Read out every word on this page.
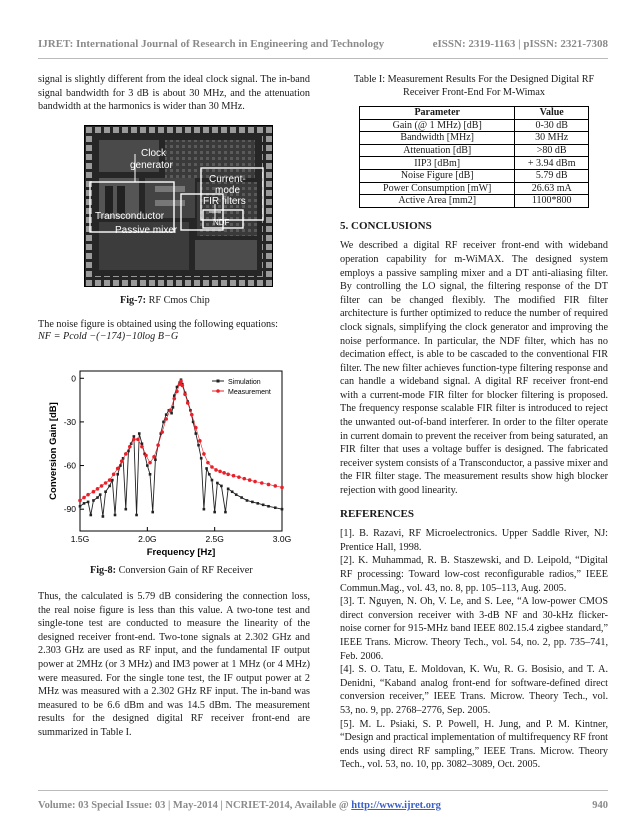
IJRET: International Journal of Research in Engineering and Technology	eISSN: 2319-1163 | pISSN: 2321-7308

signal is slightly different from the ideal clock signal. The in-band signal bandwidth for 3 dB is about 30 MHz, and the attenuation bandwidth at the harmonics is wider than 30 MHz.

Clock
generator
Current-
mode
FIR filters
Transconductor
NDF
Passive mixer
Fig-7: RF Cmos Chip

The noise figure is obtained using the following equations:

NF = Pcold −(−174)−10log B−G
1.5G	2.0G	2.5G	3.0G
0
-30
-60
-90
Frequency [Hz]
Conversion Gain [dB]
Simulation
Measurement
Fig-8: Conversion Gain of RF Receiver

Thus, the calculated is 5.79 dB considering the connection loss, the real noise figure is less than this value. A two-tone test and single-tone test are conducted to measure the linearity of the designed receiver front-end. Two-tone signals at 2.302 GHz and 2.303 GHz are used as RF input, and the fundamental IF output power at 2MHz (or 3 MHz) and IM3 power at 1 MHz (or 4 MHz) were measured. For the single tone test, the IF output power at 2 MHz was measured with a 2.302 GHz RF input. The in-band was measured to be 6.6 dBm and was 14.5 dBm. The measurement results for the designed digital RF receiver front-end are summarized in Table I.

Table I: Measurement Results For the Designed Digital RF Receiver Front-End For M-Wimax
Parameter	Value
Gain (@ 1 MHz) [dB]	0-30 dB
Bandwidth [MHz]	30 MHz
Attenuation [dB]	>80 dB
IIP3 [dBm]	+ 3.94 dBm
Noise Figure [dB]	5.79 dB
Power Consumption [mW]	26.63 mA
Active Area [mm2]	1100*800
5. CONCLUSIONS

We described a digital RF receiver front-end with wideband operation capability for m-WiMAX. The designed system employs a passive sampling mixer and a DT anti-aliasing filter. By controlling the LO signal, the filtering response of the DT filter can be changed flexibly. The modified FIR filter architecture is further optimized to reduce the number of required clock signals, simplifying the clock generator and improving the noise performance. In particular, the NDF filter, which has no decimation effect, is able to be cascaded to the conventional FIR filter. The new filter achieves function-type filtering response and can handle a wideband signal. A digital RF receiver front-end with a current-mode FIR filter for blocker filtering is proposed. The frequency response scalable FIR filter is introduced to reject the unwanted out-of-band interferer. In order to the filter operate in current domain to prevent the receiver from being saturated, an FIR filter that uses a voltage buffer is designed. The fabricated receiver system consists of a Transconductor, a passive mixer and the FIR filter stage. The measurement results show high blocker rejection with good linearity.

REFERENCES

[1]. B. Razavi, RF Microelectronics. Upper Saddle River, NJ: Prentice Hall, 1998.

[2]. K. Muhammad, R. B. Staszewski, and D. Leipold, “Digital RF processing: Toward low-cost reconfigurable radios,” IEEE Commun.Mag., vol. 43, no. 8, pp. 105–113, Aug. 2005.

[3]. T. Nguyen, N. Oh, V. Le, and S. Lee, “A low-power CMOS direct conversion receiver with 3-dB NF and 30-kHz flicker-noise corner for 915-MHz band IEEE 802.15.4 zigbee standard,” IEEE Trans. Microw. Theory Tech., vol. 54, no. 2, pp. 735–741, Feb. 2006.

[4]. S. O. Tatu, E. Moldovan, K. Wu, R. G. Bosisio, and T. A. Denidni, “Kaband analog front-end for software-defined direct conversion receiver,” IEEE Trans. Microw. Theory Tech., vol. 53, no. 9, pp. 2768–2776, Sep. 2005.

[5]. M. L. Psiaki, S. P. Powell, H. Jung, and P. M. Kintner, “Design and practical implementation of multifrequency RF front ends using direct RF sampling,” IEEE Trans. Microw. Theory Tech., vol. 53, no. 10, pp. 3082–3089, Oct. 2005.

Volume: 03 Special Issue: 03 | May-2014 | NCRIET-2014, Available @ http://www.ijret.org	940
